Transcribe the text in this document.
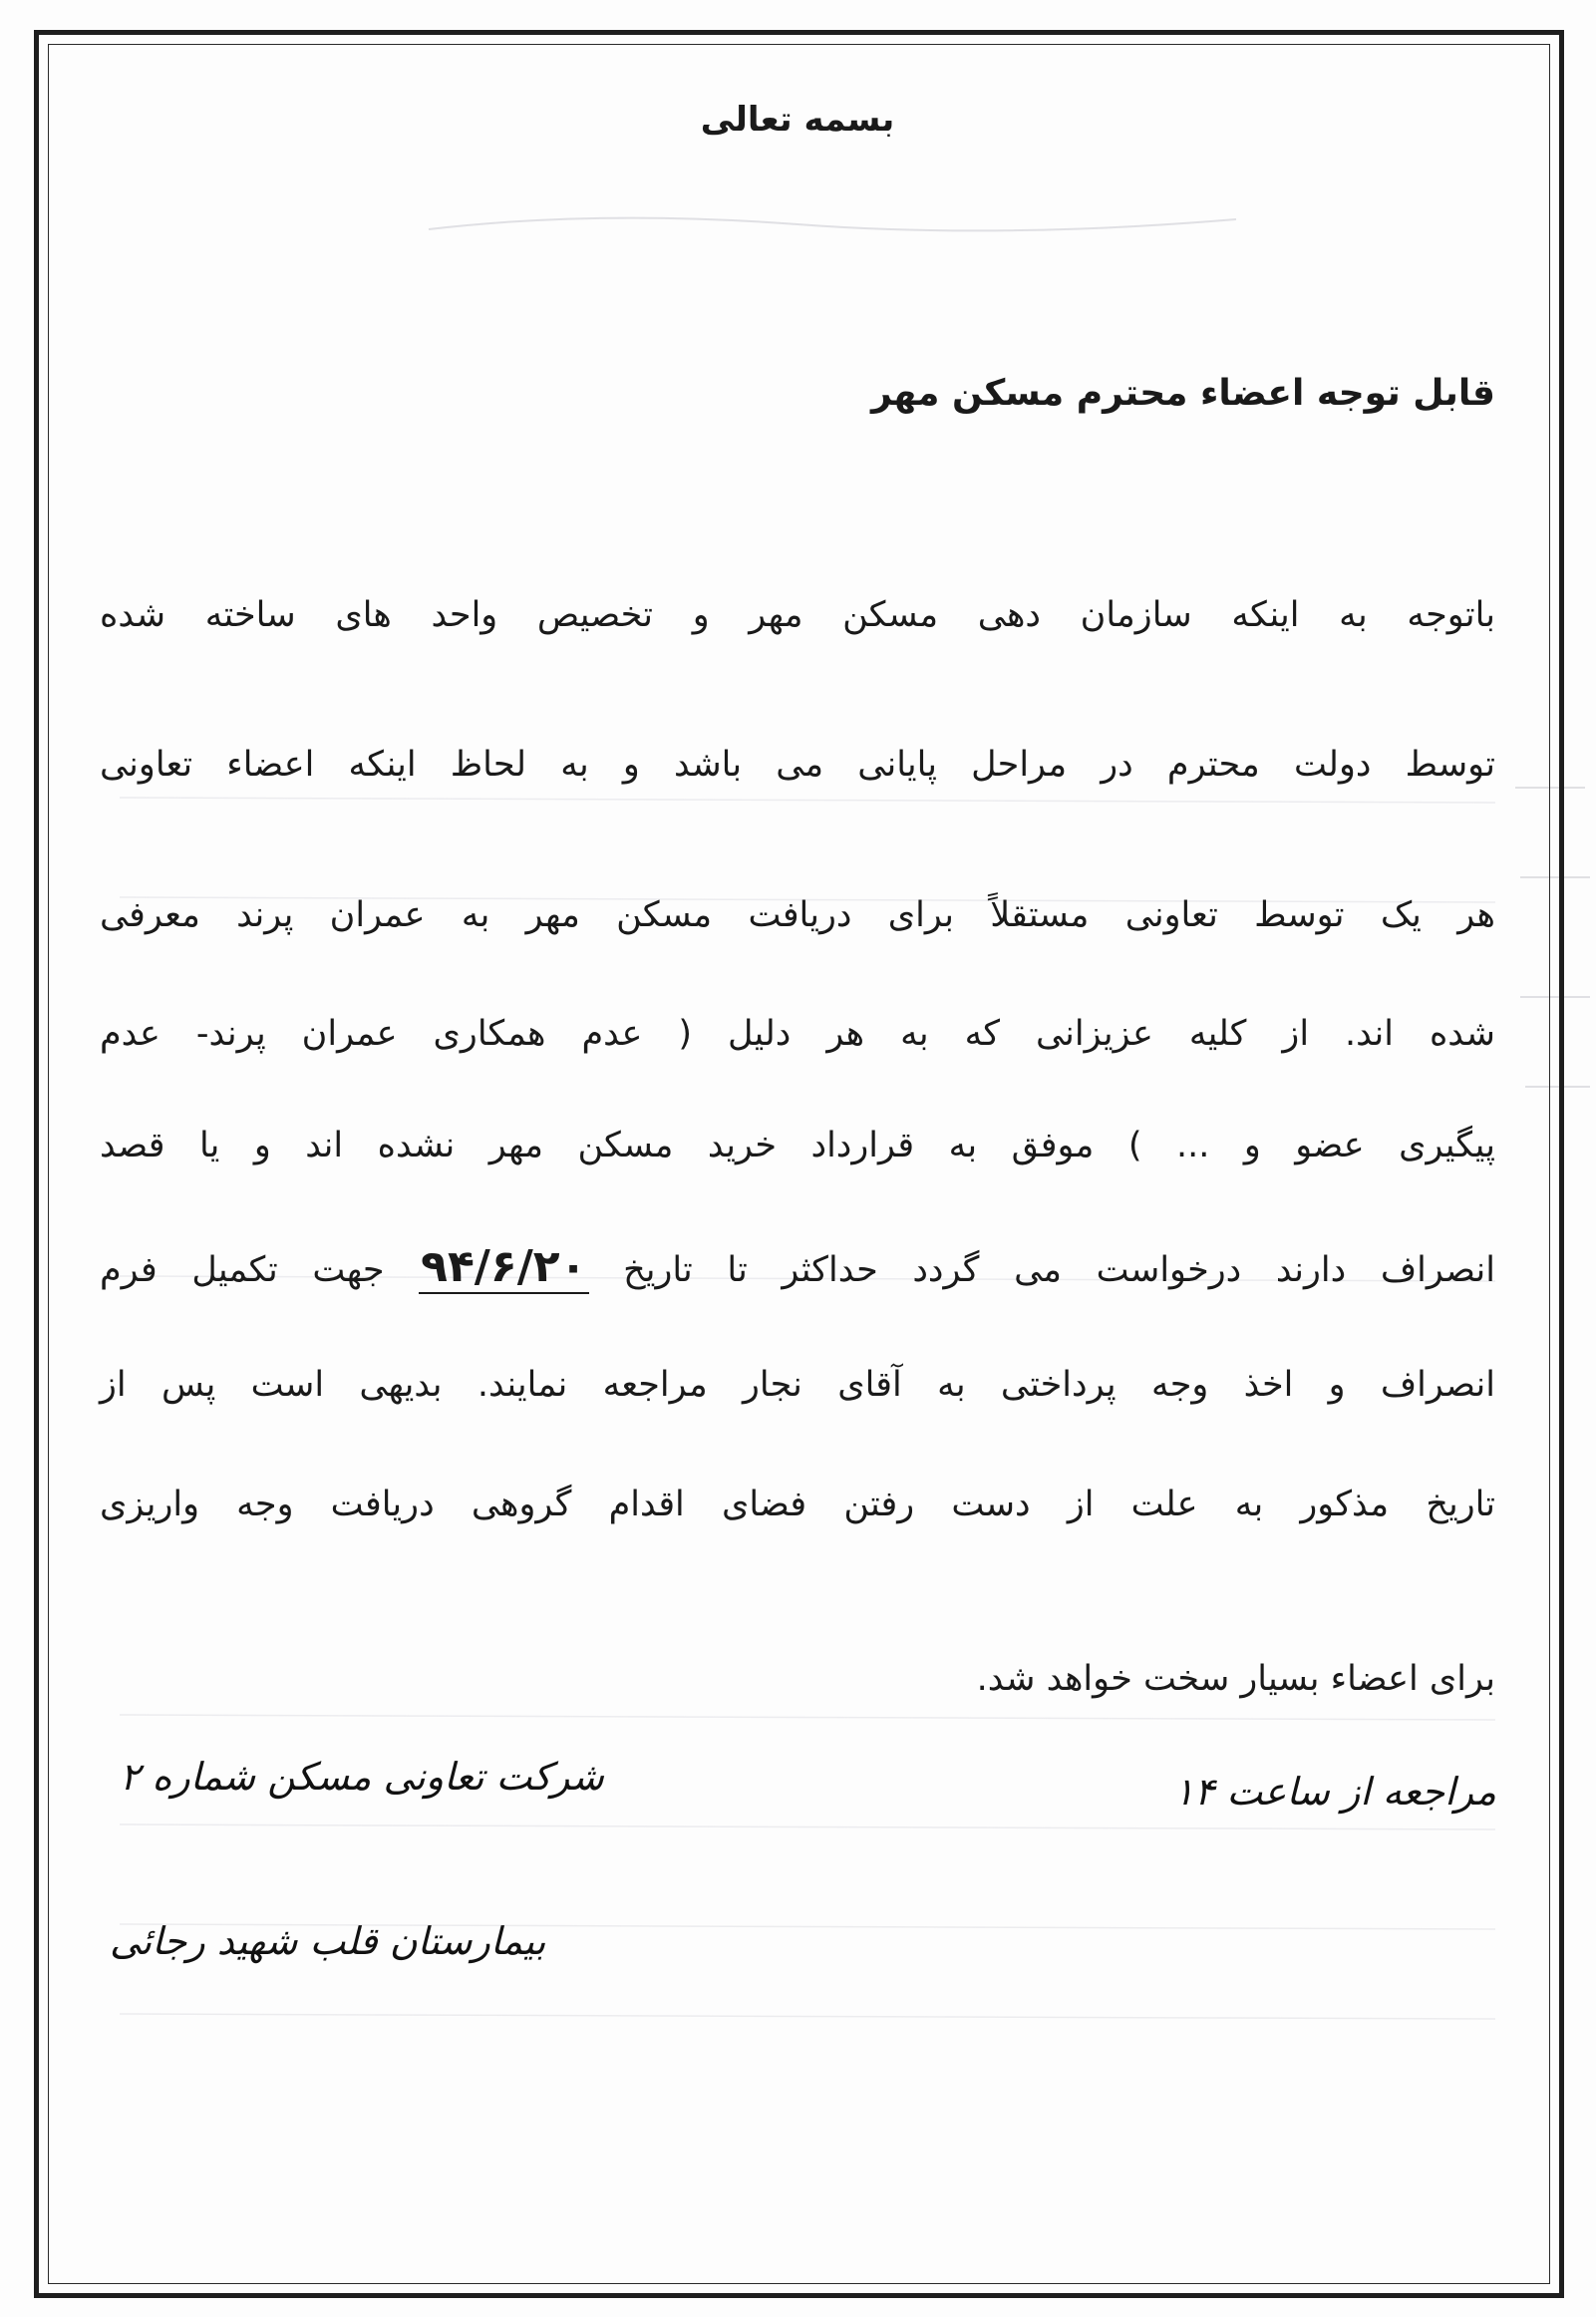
بسمه تعالی
قابل توجه اعضاء محترم مسکن مهر
باتوجه به اینکه سازمان دهی مسکن مهر و تخصیص واحد های ساخته شده
توسط دولت محترم در مراحل پایانی می باشد و به لحاظ اینکه اعضاء تعاونی
هر یک توسط تعاونی مستقلاً برای دریافت مسکن مهر به عمران پرند معرفی
شده اند. از کلیه عزیزانی که به هر دلیل ( عدم همکاری عمران پرند- عدم
پیگیری عضو و ... ) موفق به قرارداد خرید مسکن مهر نشده اند و یا قصد
انصراف دارند درخواست می گردد حداکثر تا تاریخ ۹۴/۶/۲۰ جهت تکمیل فرم
انصراف و اخذ وجه پرداختی به آقای نجار مراجعه نمایند. بدیهی است پس از
تاریخ مذکور به علت از دست رفتن فضای اقدام گروهی دریافت وجه واریزی
برای اعضاء بسیار سخت خواهد شد.
مراجعه از ساعت ۱۴
شرکت تعاونی مسکن شماره ۲
بیمارستان قلب شهید رجائی
